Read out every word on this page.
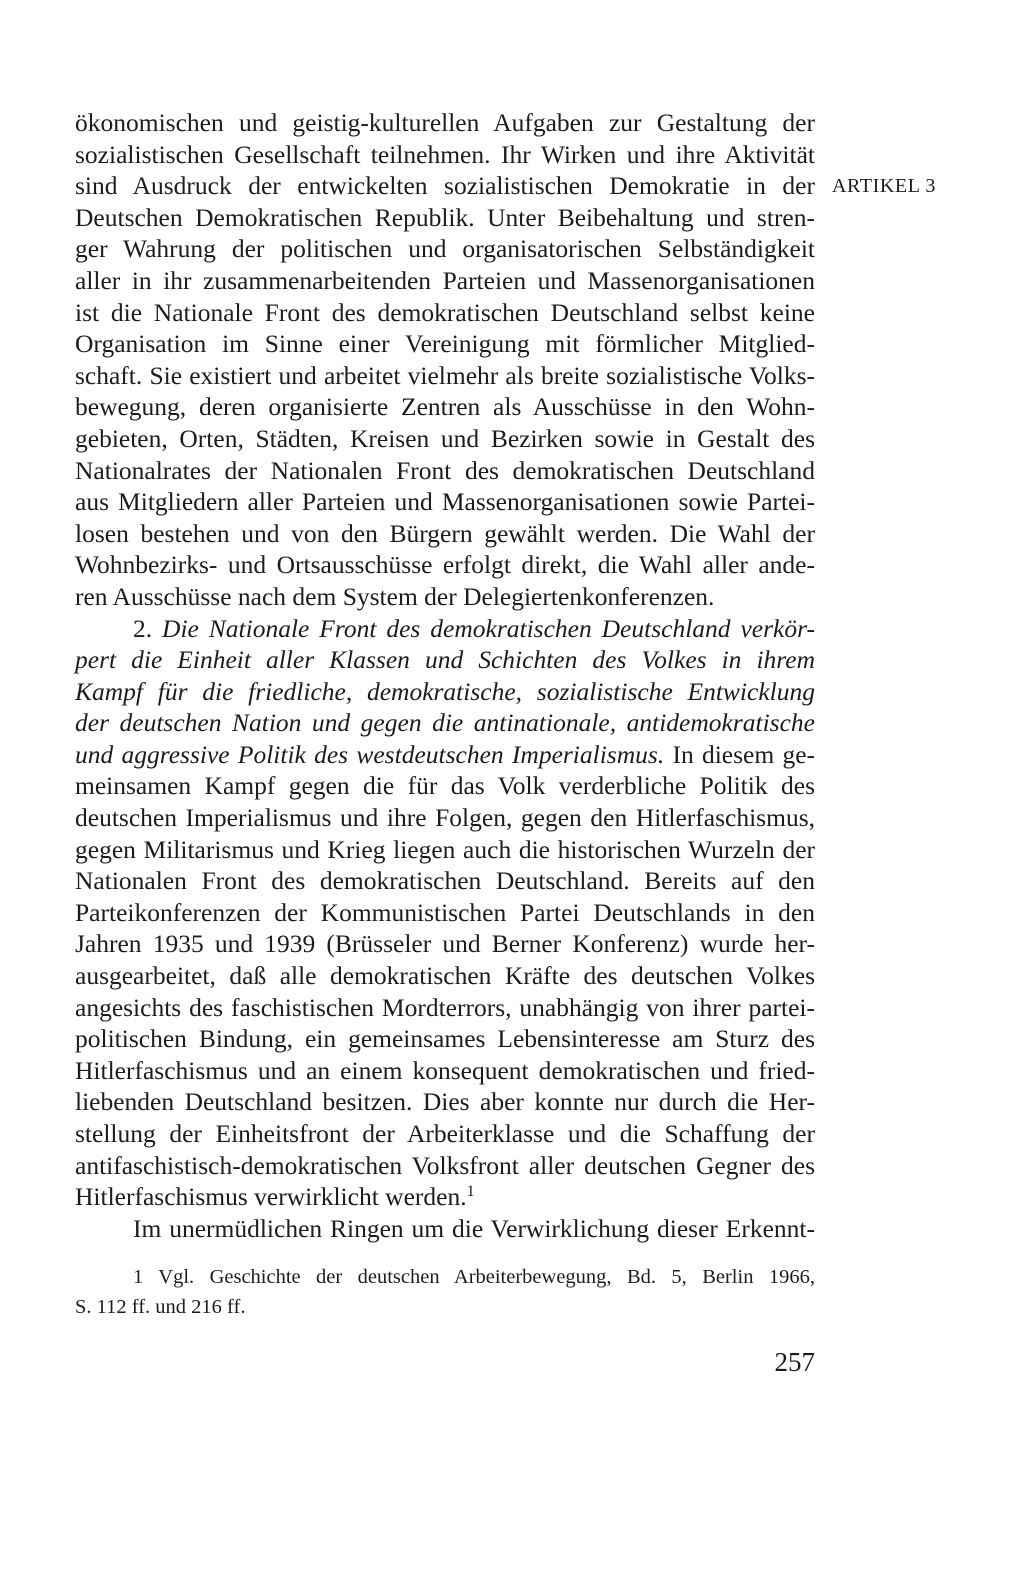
ARTIKEL 3
ökonomischen und geistig-kulturellen Aufgaben zur Gestaltung der
sozialistischen Gesellschaft teilnehmen. Ihr Wirken und ihre Aktivität
sind Ausdruck der entwickelten sozialistischen Demokratie in der
Deutschen Demokratischen Republik. Unter Beibehaltung und stren-
ger Wahrung der politischen und organisatorischen Selbständigkeit
aller in ihr zusammenarbeitenden Parteien und Massenorganisationen
ist die Nationale Front des demokratischen Deutschland selbst keine
Organisation im Sinne einer Vereinigung mit förmlicher Mitglied-
schaft. Sie existiert und arbeitet vielmehr als breite sozialistische Volks-
bewegung, deren organisierte Zentren als Ausschüsse in den Wohn-
gebieten, Orten, Städten, Kreisen und Bezirken sowie in Gestalt des
Nationalrates der Nationalen Front des demokratischen Deutschland
aus Mitgliedern aller Parteien und Massenorganisationen sowie Partei-
losen bestehen und von den Bürgern gewählt werden. Die Wahl der
Wohnbezirks- und Ortsausschüsse erfolgt direkt, die Wahl aller ande-
ren Ausschüsse nach dem System der Delegiertenkonferenzen.
2. Die Nationale Front des demokratischen Deutschland verkör-
pert die Einheit aller Klassen und Schichten des Volkes in ihrem
Kampf für die friedliche, demokratische, sozialistische Entwicklung
der deutschen Nation und gegen die antinationale, antidemokratische
und aggressive Politik des westdeutschen Imperialismus. In diesem ge-
meinsamen Kampf gegen die für das Volk verderbliche Politik des
deutschen Imperialismus und ihre Folgen, gegen den Hitlerfaschismus,
gegen Militarismus und Krieg liegen auch die historischen Wurzeln der
Nationalen Front des demokratischen Deutschland. Bereits auf den
Parteikonferenzen der Kommunistischen Partei Deutschlands in den
Jahren 1935 und 1939 (Brüsseler und Berner Konferenz) wurde her-
ausgearbeitet, daß alle demokratischen Kräfte des deutschen Volkes
angesichts des faschistischen Mordterrors, unabhängig von ihrer partei-
politischen Bindung, ein gemeinsames Lebensinteresse am Sturz des
Hitlerfaschismus und an einem konsequent demokratischen und fried-
liebenden Deutschland besitzen. Dies aber konnte nur durch die Her-
stellung der Einheitsfront der Arbeiterklasse und die Schaffung der
antifaschistisch-demokratischen Volksfront aller deutschen Gegner des
Hitlerfaschismus verwirklicht werden.$^1$
Im unermüdlichen Ringen um die Verwirklichung dieser Erkennt-
1 Vgl. Geschichte der deutschen Arbeiterbewegung, Bd. 5, Berlin 1966,
S. 112 ff. und 216 ff.
257
